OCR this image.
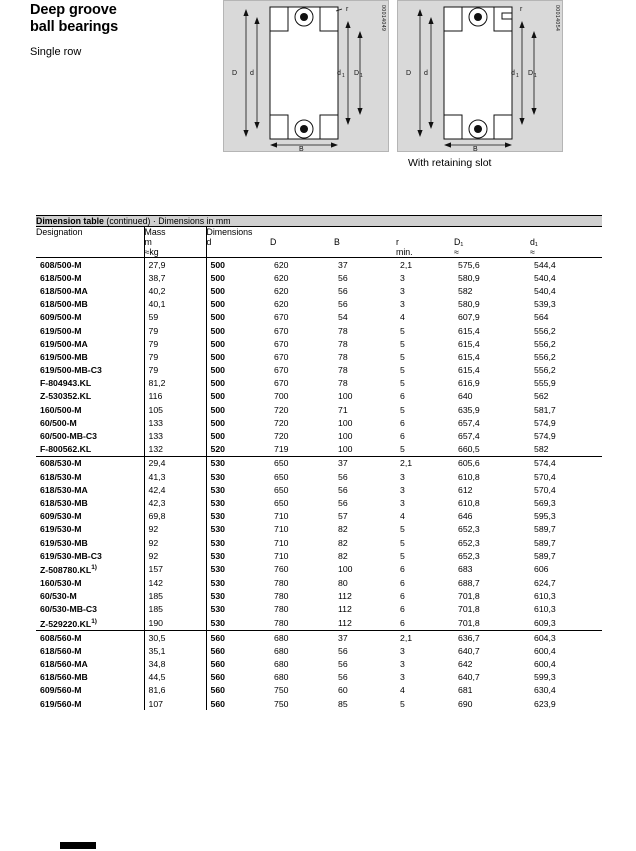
Deep groove
ball bearings
Single row
00014049
D d	d 1 D 1
B
r	00014054
D d	d 1 D 1
B
r
With retaining slot
Dimension table (continued) · Dimensions in mm							
Designation	Mass	Dimensions					
	m	d	D	B	r	D₁	d₁
	≈kg				min.	≈	≈
608/500-M	27,9	500	620	37	2,1	575,6	544,4
618/500-M	38,7	500	620	56	3	580,9	540,4
618/500-MA	40,2	500	620	56	3	582	540,4
618/500-MB	40,1	500	620	56	3	580,9	539,3
609/500-M	59	500	670	54	4	607,9	564
619/500-M	79	500	670	78	5	615,4	556,2
619/500-MA	79	500	670	78	5	615,4	556,2
619/500-MB	79	500	670	78	5	615,4	556,2
619/500-MB-C3	79	500	670	78	5	615,4	556,2
F-804943.KL	81,2	500	670	78	5	616,9	555,9
Z-530352.KL	116	500	700	100	6	640	562
160/500-M	105	500	720	71	5	635,9	581,7
60/500-M	133	500	720	100	6	657,4	574,9
60/500-MB-C3	133	500	720	100	6	657,4	574,9
F-800562.KL	132	520	719	100	5	660,5	582
608/530-M	29,4	530	650	37	2,1	605,6	574,4
618/530-M	41,3	530	650	56	3	610,8	570,4
618/530-MA	42,4	530	650	56	3	612	570,4
618/530-MB	42,3	530	650	56	3	610,8	569,3
609/530-M	69,8	530	710	57	4	646	595,3
619/530-M	92	530	710	82	5	652,3	589,7
619/530-MB	92	530	710	82	5	652,3	589,7
619/530-MB-C3	92	530	710	82	5	652,3	589,7
Z-508780.KL$^{1)}$	157	530	760	100	6	683	606
160/530-M	142	530	780	80	6	688,7	624,7
60/530-M	185	530	780	112	6	701,8	610,3
60/530-MB-C3	185	530	780	112	6	701,8	610,3
Z-529220.KL$^{1)}$	190	530	780	112	6	701,8	609,3
608/560-M	30,5	560	680	37	2,1	636,7	604,3
618/560-M	35,1	560	680	56	3	640,7	600,4
618/560-MA	34,8	560	680	56	3	642	600,4
618/560-MB	44,5	560	680	56	3	640,7	599,3
609/560-M	81,6	560	750	60	4	681	630,4
619/560-M	107	560	750	85	5	690	623,9
